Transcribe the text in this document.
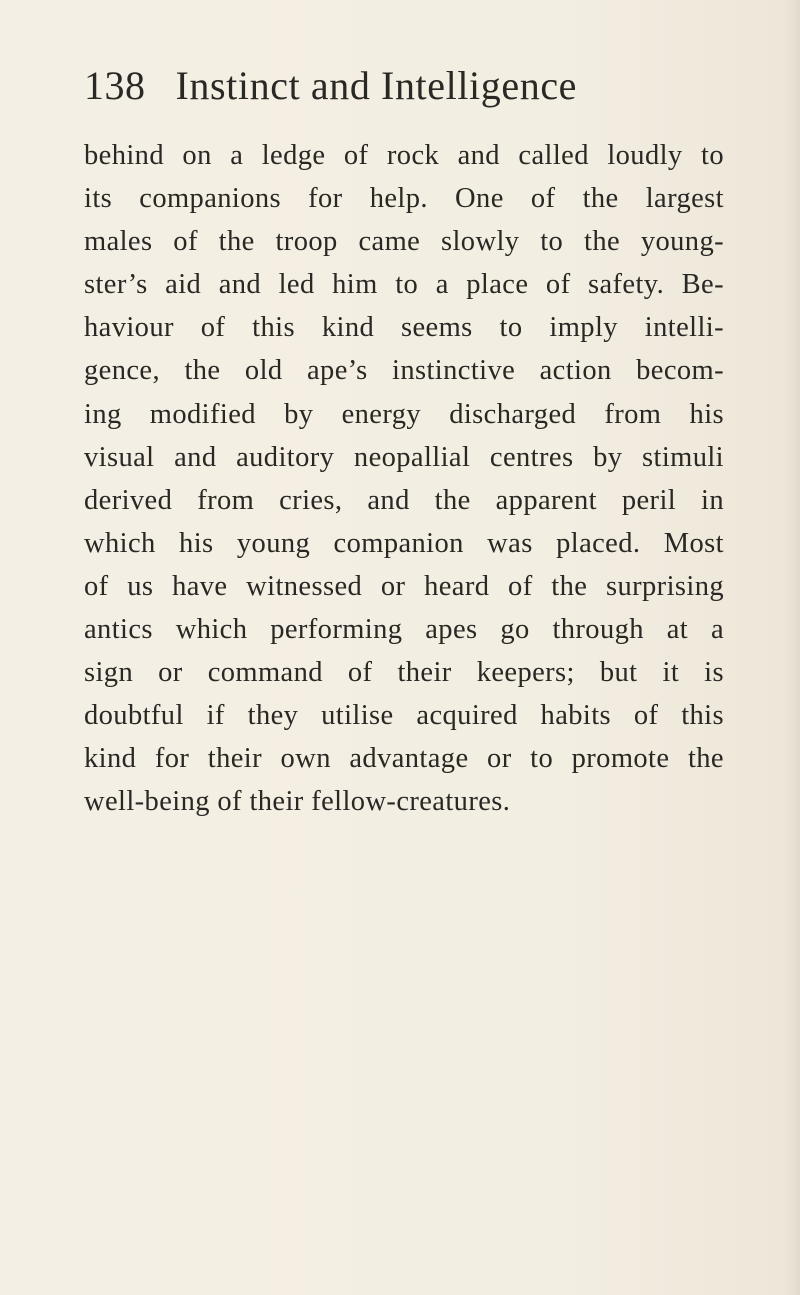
138 Instinct and Intelligence
behind on a ledge of rock and called loudly to
its companions for help. One of the largest
males of the troop came slowly to the young-
ster’s aid and led him to a place of safety. Be-
haviour of this kind seems to imply intelli-
gence, the old ape’s instinctive action becom-
ing modified by energy discharged from his
visual and auditory neopallial centres by stimuli
derived from cries, and the apparent peril in
which his young companion was placed. Most
of us have witnessed or heard of the surprising
antics which performing apes go through at a
sign or command of their keepers; but it is
doubtful if they utilise acquired habits of this
kind for their own advantage or to promote the
well-being of their fellow-creatures.
